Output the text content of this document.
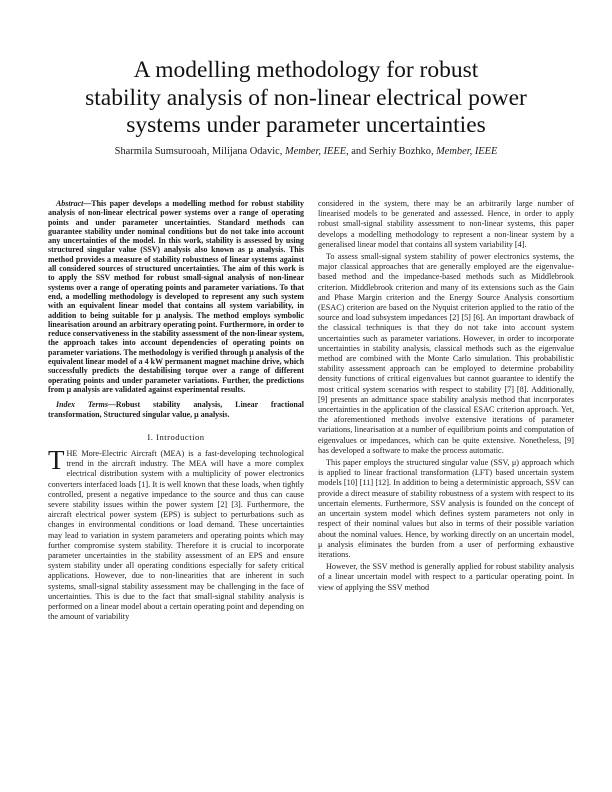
A modelling methodology for robust
stability analysis of non-linear electrical power
systems under parameter uncertainties
Sharmila Sumsurooah, Milijana Odavic, Member, IEEE, and Serhiy Bozhko, Member, IEEE

Abstract—This paper develops a modelling method for robust stability analysis of non-linear electrical power systems over a range of operating points and under parameter uncertainties. Standard methods can guarantee stability under nominal conditions but do not take into account any uncertainties of the model. In this work, stability is assessed by using structured singular value (SSV) analysis also known as μ analysis. This method provides a measure of stability robustness of linear systems against all considered sources of structured uncertainties. The aim of this work is to apply the SSV method for robust small-signal analysis of non-linear systems over a range of operating points and parameter variations. To that end, a modelling methodology is developed to represent any such system with an equivalent linear model that contains all system variability, in addition to being suitable for μ analysis. The method employs symbolic linearisation around an arbitrary operating point. Furthermore, in order to reduce conservativeness in the stability assessment of the non-linear system, the approach takes into account dependencies of operating points on parameter variations. The methodology is verified through μ analysis of the equivalent linear model of a 4 kW permanent magnet machine drive, which successfully predicts the destabilising torque over a range of different operating points and under parameter variations. Further, the predictions from μ analysis are validated against experimental results.

Index Terms—Robust stability analysis, Linear fractional transformation, Structured singular value, μ analysis.

I. Introduction

THE More-Electric Aircraft (MEA) is a fast-developing technological trend in the aircraft industry. The MEA will have a more complex electrical distribution system with a multiplicity of power electronics converters interfaced loads [1]. It is well known that these loads, when tightly controlled, present a negative impedance to the source and thus can cause severe stability issues within the power system [2] [3]. Furthermore, the aircraft electrical power system (EPS) is subject to perturbations such as changes in environmental conditions or load demand. These uncertainties may lead to variation in system parameters and operating points which may further compromise system stability. Therefore it is crucial to incorporate parameter uncertainties in the stability assessment of an EPS and ensure system stability under all operating conditions especially for safety critical applications. However, due to non-linearities that are inherent in such systems, small-signal stability assessment may be challenging in the face of uncertainties. This is due to the fact that small-signal stability analysis is performed on a linear model about a certain operating point and depending on the amount of variability

considered in the system, there may be an arbitrarily large number of linearised models to be generated and assessed. Hence, in order to apply robust small-signal stability assessment to non-linear systems, this paper develops a modelling methodology to represent a non-linear system by a generalised linear model that contains all system variability [4].

To assess small-signal system stability of power electronics systems, the major classical approaches that are generally employed are the eigenvalue-based method and the impedance-based methods such as Middlebrook criterion. Middlebrook criterion and many of its extensions such as the Gain and Phase Margin criterion and the Energy Source Analysis consortium (ESAC) criterion are based on the Nyquist criterion applied to the ratio of the source and load subsystem impedances [2] [5] [6]. An important drawback of the classical techniques is that they do not take into account system uncertainties such as parameter variations. However, in order to incorporate uncertainties in stability analysis, classical methods such as the eigenvalue method are combined with the Monte Carlo simulation. This probabilistic stability assessment approach can be employed to determine probability density functions of critical eigenvalues but cannot guarantee to identify the most critical system scenarios with respect to stability [7] [8]. Additionally, [9] presents an admittance space stability analysis method that incorporates uncertainties in the application of the classical ESAC criterion approach. Yet, the aforementioned methods involve extensive iterations of parameter variations, linearisation at a number of equilibrium points and computation of eigenvalues or impedances, which can be quite extensive. Nonetheless, [9] has developed a software to make the process automatic.

This paper employs the structured singular value (SSV, μ) approach which is applied to linear fractional transformation (LFT) based uncertain system models [10] [11] [12]. In addition to being a deterministic approach, SSV can provide a direct measure of stability robustness of a system with respect to its uncertain elements. Furthermore, SSV analysis is founded on the concept of an uncertain system model which defines system parameters not only in respect of their nominal values but also in terms of their possible variation about the nominal values. Hence, by working directly on an uncertain model, μ analysis eliminates the burden from a user of performing exhaustive iterations.

However, the SSV method is generally applied for robust stability analysis of a linear uncertain model with respect to a particular operating point. In view of applying the SSV method
